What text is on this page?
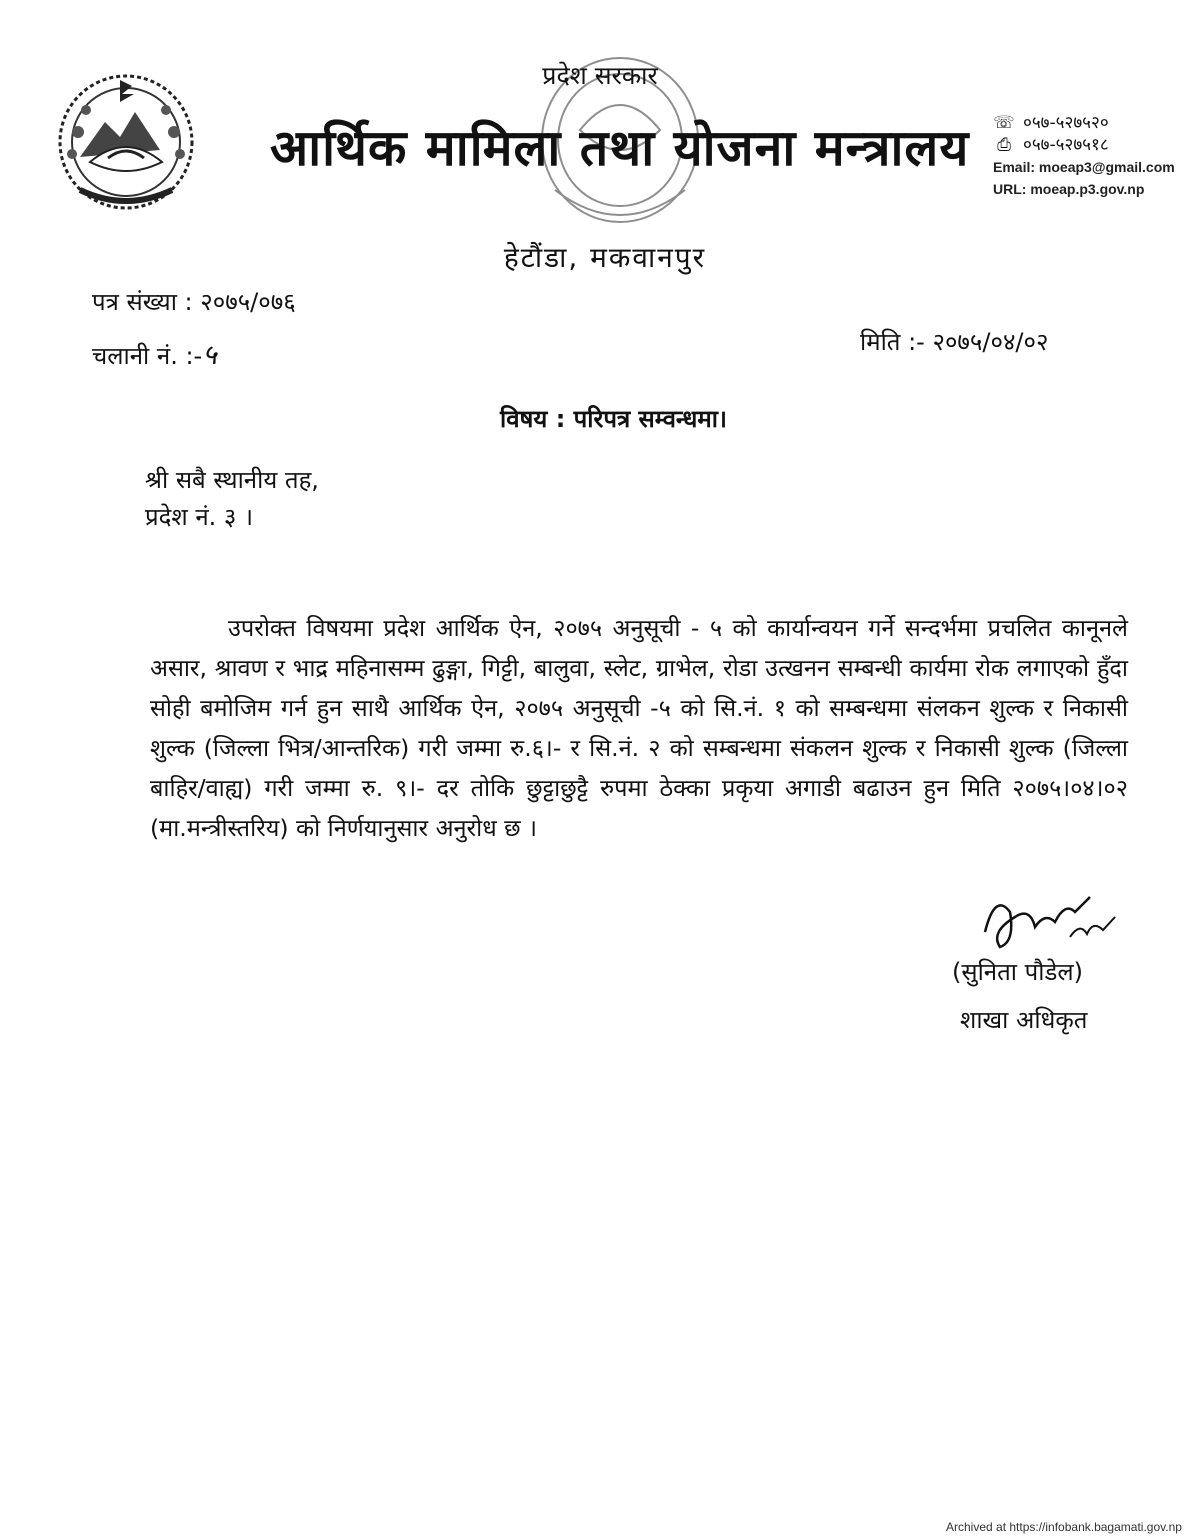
प्रदेश सरकार
आर्थिक मामिला तथा योजना मन्त्रालय
हेटौंडा, मकवानपुर
☏ ०५७-५२७५२०
⎙ ०५७-५२७५१८
Email: moeap3@gmail.com
URL: moeap.p3.gov.np
पत्र संख्या : २०७५/०७६
चलानी नं. :-५	मिति :- २०७५/०४/०२
विषय : परिपत्र सम्वन्धमा।
श्री सबै स्थानीय तह,
प्रदेश नं. ३ ।
उपरोक्त विषयमा प्रदेश आर्थिक ऐन, २०७५ अनुसूची - ५ को कार्यान्वयन गर्ने सन्दर्भमा प्रचलित कानूनले असार, श्रावण र भाद्र महिनासम्म ढुङ्गा, गिट्टी, बालुवा, स्लेट, ग्राभेल, रोडा उत्खनन सम्बन्धी कार्यमा रोक लगाएको हुँदा सोही बमोजिम गर्न हुन साथै आर्थिक ऐन, २०७५ अनुसूची -५ को सि.नं. १ को सम्बन्धमा संलकन शुल्क र निकासी शुल्क (जिल्ला भित्र/आन्तरिक) गरी जम्मा रु.६।- र सि.नं. २ को सम्बन्धमा संकलन शुल्क र निकासी शुल्क (जिल्ला बाहिर/वाह्य) गरी जम्मा रु. ९।- दर तोकि छुट्टाछुट्टै रुपमा ठेक्का प्रकृया अगाडी बढाउन हुन मिति २०७५।०४।०२ (मा.मन्त्रीस्तरिय) को निर्णयानुसार अनुरोध छ ।
(सुनिता पौडेल)
शाखा अधिकृत
Archived at https://infobank.bagamati.gov.np
